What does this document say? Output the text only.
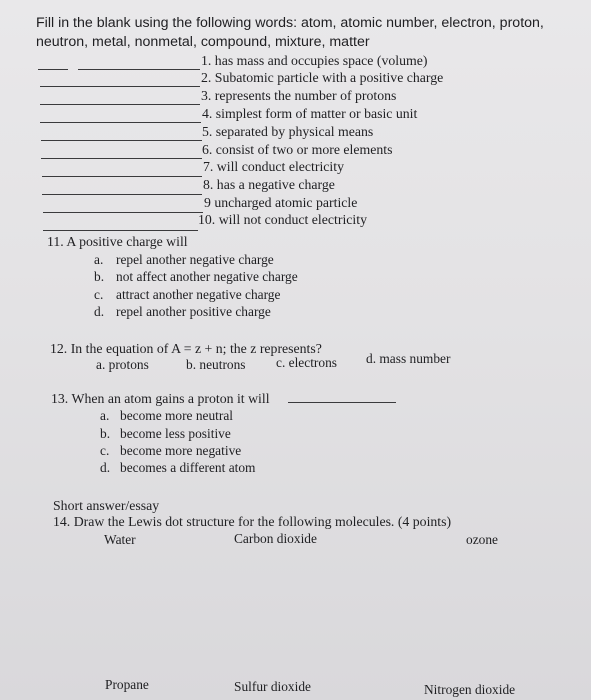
Fill in the blank using the following words: atom, atomic number, electron, proton,
neutron, metal, nonmetal, compound, mixture, matter
1. has mass and occupies space (volume)
2. Subatomic particle with a positive charge
3. represents the number of protons
4. simplest form of matter or basic unit
5. separated by physical means
6. consist of two or more elements
7. will conduct electricity
8. has a negative charge
9 uncharged atomic particle
10. will not conduct electricity
11. A positive charge will
a. repel another negative charge
b. not affect another negative charge
c. attract another negative charge
d. repel another positive charge
12. In the equation of A = z + n; the z represents?
a. protons	b. neutrons c. electrons d. mass number
13. When an atom gains a proton it will
a. become more neutral
b. become less positive
c. become more negative
d. becomes a different atom
Short answer/essay
14. Draw the Lewis dot structure for the following molecules. (4 points)
Water	Carbon dioxide	ozone
Propane	Sulfur dioxide	Nitrogen dioxide
